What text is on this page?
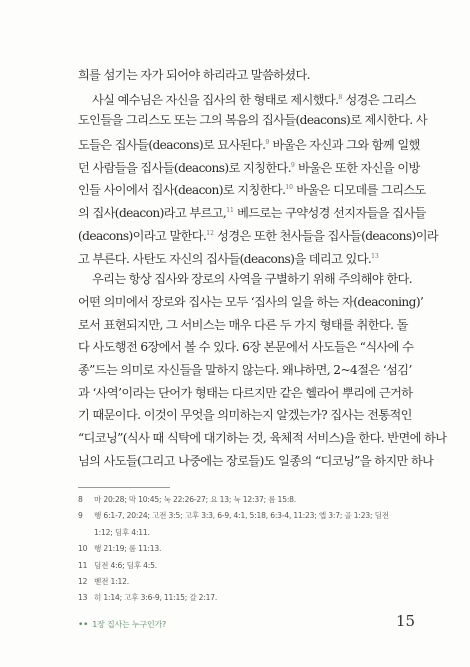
희를 섬기는 자가 되어야 하리라고 말씀하셨다.
사실 예수님은 자신을 집사의 한 형태로 제시했다.$^8$ 성경은 그리스
도인들을 그리스도 또는 그의 복음의 집사들(deacons)로 제시한다. 사
도들은 집사들(deacons)로 묘사된다.$^9$ 바울은 자신과 그와 함께 일했
던 사람들을 집사들(deacons)로 지칭한다.$^9$ 바울은 또한 자신을 이방
인들 사이에서 집사(deacon)로 지칭한다.$^{10}$ 바울은 디모데를 그리스도
의 집사(deacon)라고 부르고,$^{11}$ 베드로는 구약성경 선지자들을 집사들
(deacons)이라고 말한다.$^{12}$ 성경은 또한 천사들을 집사들(deacons)이라
고 부른다. 사탄도 자신의 집사들(deacons)을 데리고 있다.$^{13}$
우리는 항상 집사와 장로의 사역을 구별하기 위해 주의해야 한다.
어떤 의미에서 장로와 집사는 모두 ‘집사의 일을 하는 자(deaconing)’
로서 표현되지만, 그 서비스는 매우 다른 두 가지 형태를 취한다. 돌
다 사도행전 6장에서 볼 수 있다. 6장 본문에서 사도들은 “식사에 수
종”드는 의미로 자신들을 말하지 않는다. 왜냐하면, 2~4절은 ‘섬김’
과 ‘사역’이라는 단어가 형태는 다르지만 같은 헬라어 뿌리에 근거하
기 때문이다. 이것이 무엇을 의미하는지 알겠는가? 집사는 전통적인
“디코닝”(식사 때 식탁에 대기하는 것, 육체적 서비스)을 한다. 반면에 하나
님의 사도들(그리고 나중에는 장로들)도 일종의 “디코닝”을 하지만 하나
8	마 20:28; 막 10:45; 눅 22:26-27; 요 13; 눅 12:37; 롬 15:8.
9	행 6:1-7, 20:24; 고전 3:5; 고후 3:3, 6-9, 4:1, 5:18, 6:3-4, 11:23; 엡 3:7; 골 1:23; 딤전
1:12; 딤후 4:11.
10 행 21:19; 롬 11:13.
11 딤전 4:6; 딤후 4:5.
12 벧전 1:12.
13 히 1:14; 고후 3:6-9, 11:15; 갈 2:17.
•• 1장 집사는 누구인가?	15
